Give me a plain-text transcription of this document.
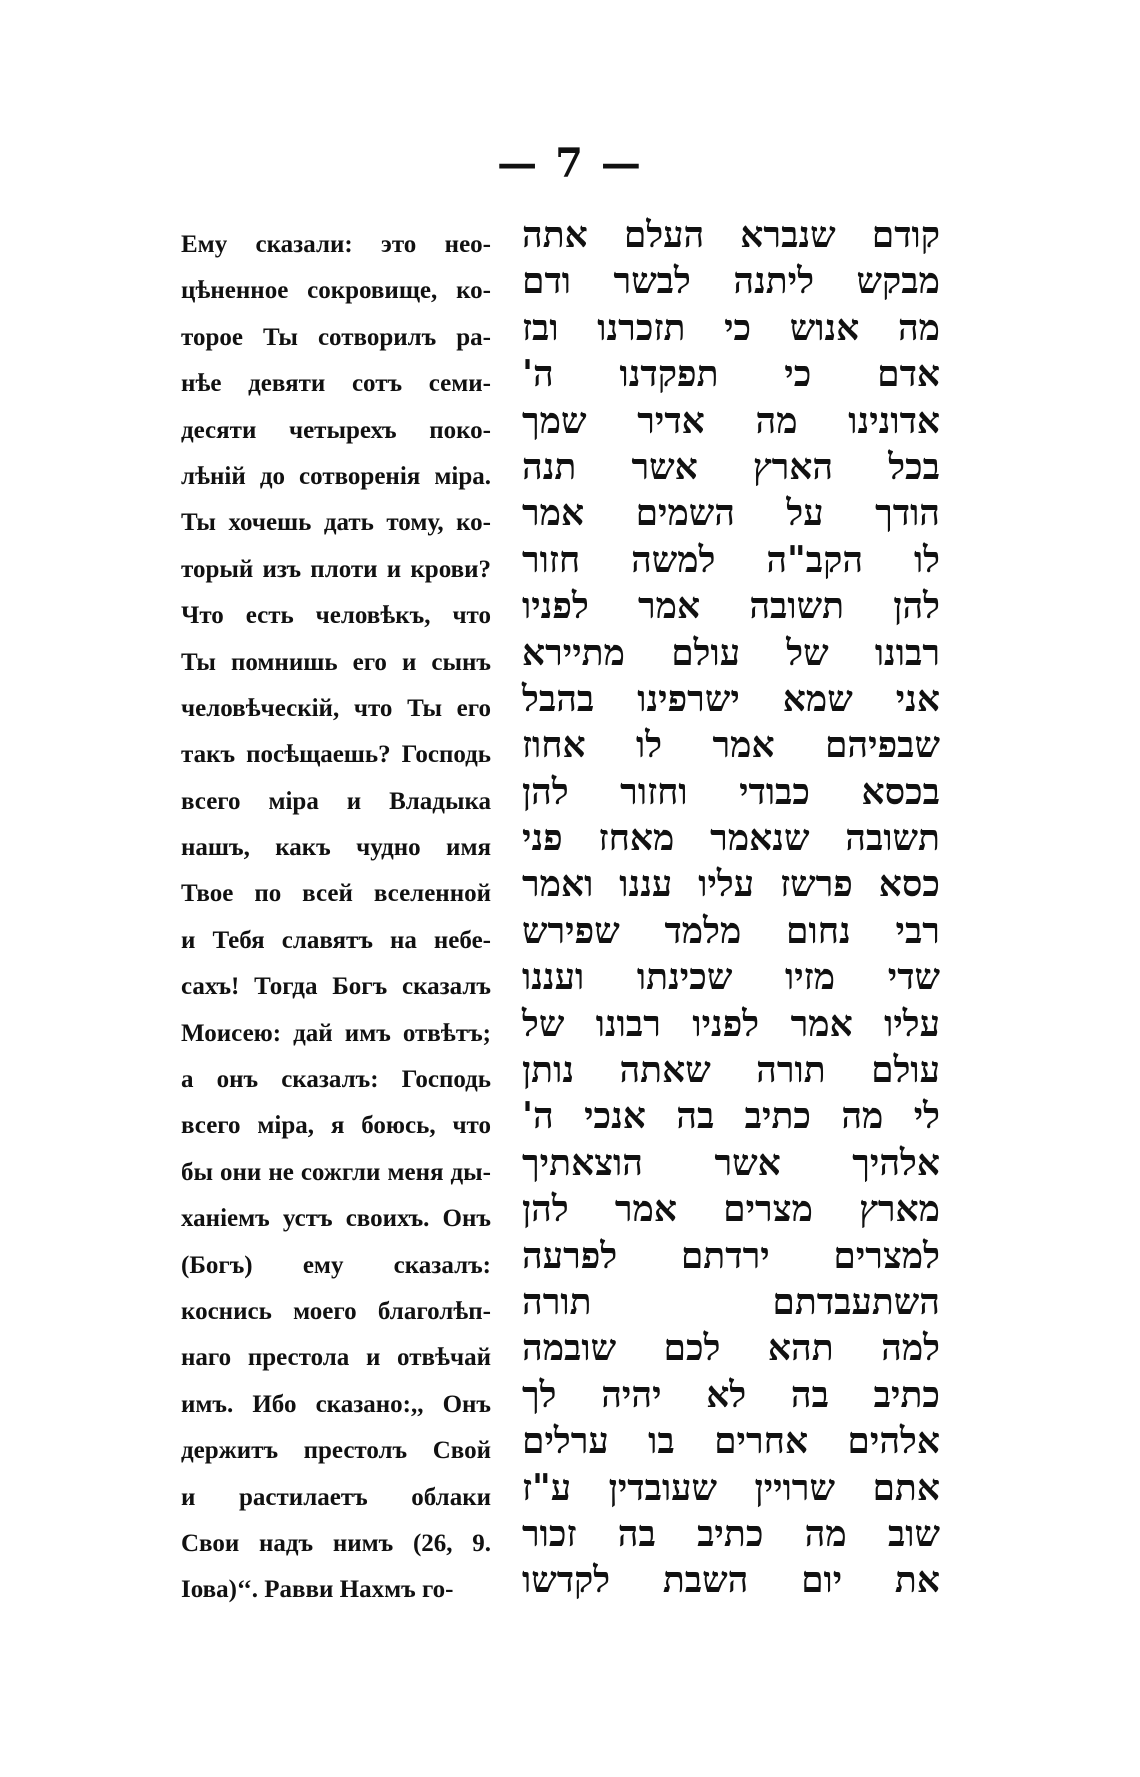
— 7 —
Ему сказали: это нео-
цѣненное сокровище, ко-
торое Ты сотворилъ ра-
нѣе девяти сотъ семи-
десяти четырехъ поко-
лѣній до сотворенія міра.
Ты хочешь дать тому, ко-
торый изъ плоти и крови?
Что есть человѣкъ, что
Ты помнишь его и сынъ
человѣческій, что Ты его
такъ посѣщаешь? Господь
всего міра и Владыка
нашъ, какъ чудно имя
Твое по всей вселенной
и Тебя славятъ на небе-
сахъ! Тогда Богъ сказалъ
Моисею: дай имъ отвѣтъ;
а онъ сказалъ: Господь
всего міра, я боюсь, что
бы они не сожгли меня ды-
ханіемъ устъ своихъ. Онъ
(Богъ) ему сказалъ:
коснись моего благолѣп-
наго престола и отвѣчай
имъ. Ибо сказано:,, Онъ
держитъ престолъ Свой
и растилаетъ облаки
Свои надъ нимъ (26, 9.
Іова)‘‘. Равви Нахмъ го-
קודם שנברא העלם אתה
מבקש ליתנה לבשר ודם
מה אנוש כי תזכרנו ובז
אדם כי תפקדנו ה'
אדונינו מה אדיר שמך
בכל הארץ אשר תנה
הודך על השמים אמר
לו הקב"ה למשה חזור
להן תשובה אמר לפניו
רבונו של עולם מתיירא
אני שמא ישרפינו בהבל
שבפיהם אמר לו אחוז
בכסא כבודי וחזור להן
תשובה שנאמר מאחז פני
כסא פרשז עליו עננו ואמר
רבי נחום מלמד שפירש
שדי מזיו שכינתו ועננו
עליו אמר לפניו רבונו של
עולם תורה שאתה נותן
לי מה כתיב בה אנכי ה'
אלהיך אשר הוצאתיך
מארץ מצרים אמר להן
למצרים ירדתם לפרעה
השתעבדתם תורה
למה תהא לכם שובמה
כתיב בה לא יהיה לך
אלהים אחרים בו ערלים
אתם שרויין שעובדין ע"ז
שוב מה כתיב בה זכור
את יום השבת לקדשו
